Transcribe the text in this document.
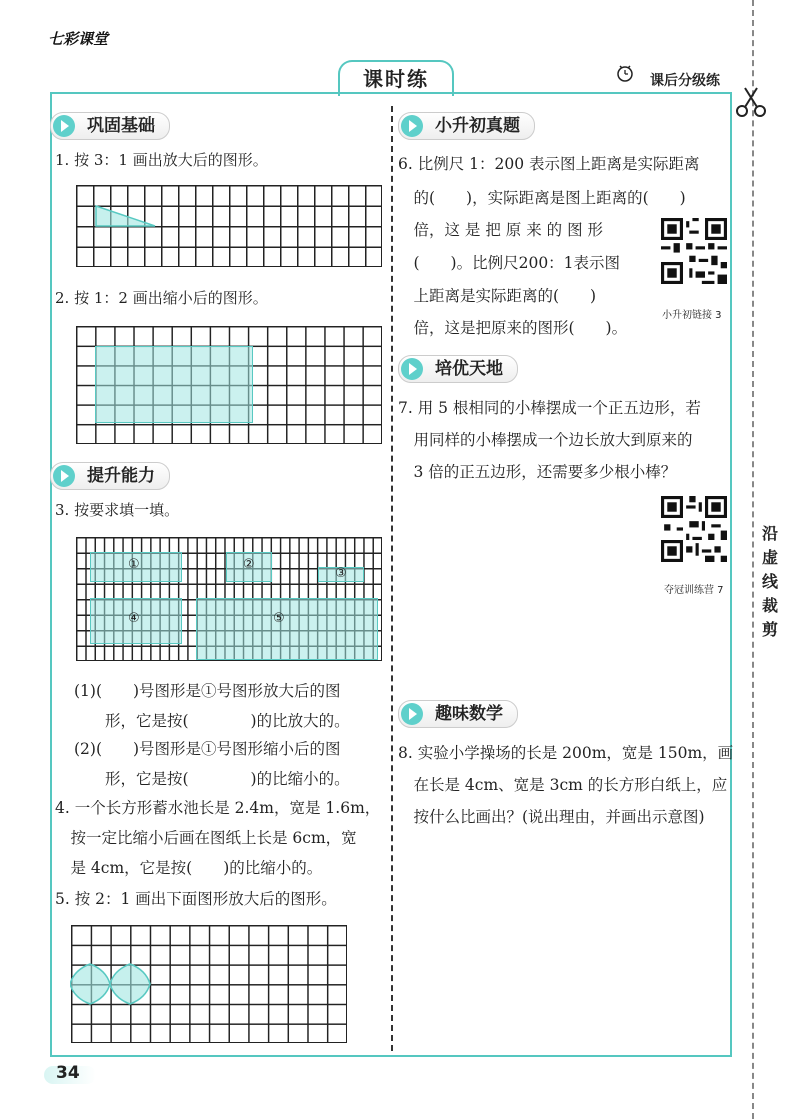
七彩课堂
课时练	课后分级练
沿
虚
线
裁
剪
巩固基础
1. 按 3：1 画出放大后的图形。
2. 按 1：2 画出缩小后的图形。
提升能力
3. 按要求填一填。
①	②
③
④	⑤
(1)(　　)号图形是①号图形放大后的图
　　形，它是按(　　　　)的比放大的。
(2)(　　)号图形是①号图形缩小后的图
　　形，它是按(　　　　)的比缩小的。
4. 一个长方形蓄水池长是 2.4m，宽是 1.6m，
　按一定比缩小后画在图纸上长是 6cm，宽
　是 4cm，它是按(　　)的比缩小的。
5. 按 2：1 画出下面图形放大后的图形。
小升初真题
6. 比例尺 1：200 表示图上距离是实际距离
　的(　　)，实际距离是图上距离的(　　)
　倍，这 是 把 原 来 的 图 形
　(　　)。比例尺200：1表示图
　上距离是实际距离的(　　)
　倍，这是把原来的图形(　　)。
小升初链接 3
培优天地
7. 用 5 根相同的小棒摆成一个正五边形，若
　用同样的小棒摆成一个边长放大到原来的
　3 倍的正五边形，还需要多少根小棒？
夺冠训练营 7
趣味数学
8. 实验小学操场的长是 200m，宽是 150m，画
　在长是 4cm、宽是 3cm 的长方形白纸上，应
　按什么比画出？(说出理由，并画出示意图)
34
